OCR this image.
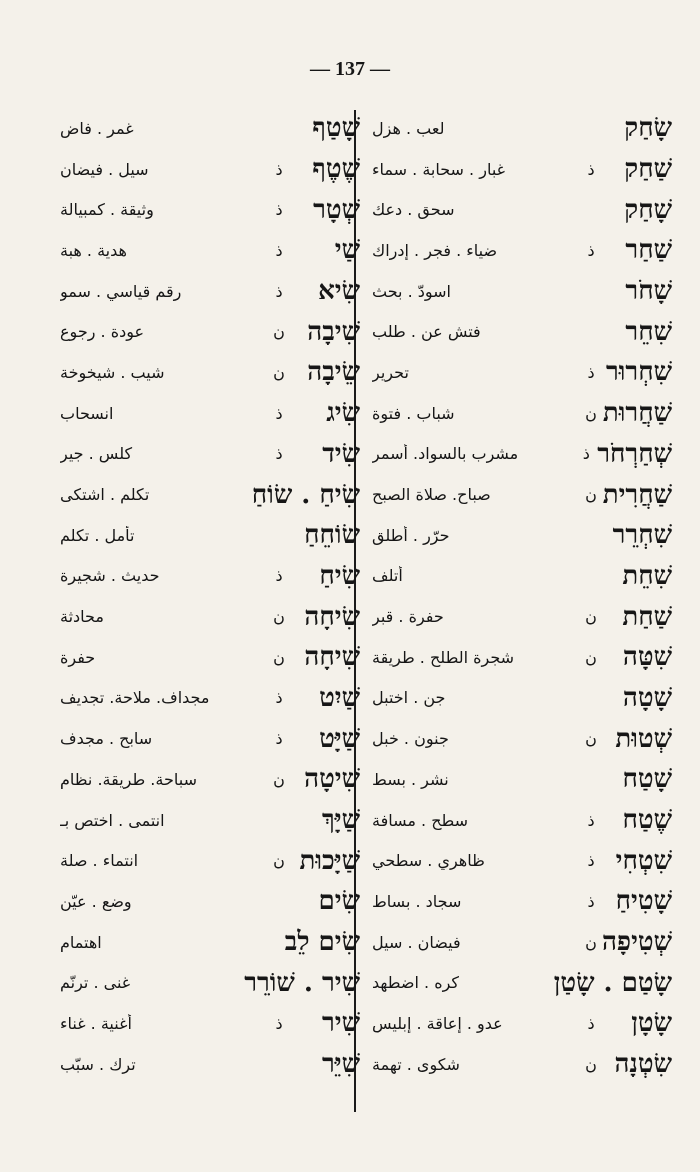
— 137 —
لعب . هزل	שָׂחַק
غبار . سحابة . سماء	ذ	שַׁחַק
سحق . دعك	שָׁחַק
ضياء . فجر . إدراك	ذ	שַׁחַר
اسودّ . بحث	שָׁחֹר
فتش عن . طلب	שִׁחֵר
تحرير	ذ שִׁחְרוּר
شباب . فتوة	ن שַׁחֲרוּת
مشرب بالسواد. أسمر	ذ שְׁחַרְחֹר
صباح. صلاة الصبح	ن שַׁחֲרִית
حرّر . أطلق	שִׁחְרֵר
أتلف	שִׁחֵת
حفرة . قبر	ن שַׁחַת
شجرة الطلح . طريقة	ن	שִׁטָּה
جن . اختبل	שָׁטָה
جنون . خبل	ن שְׁטוּת
نشر . بسط	שָׁטַח
سطح . مسافة	ذ	שֶׁטַח
ظاهري . سطحي	ذ שִׁטְחִי
سجاد . بساط	ذ שָׁטִיחַ
فيضان . سيل	ن שְׁטִיפָה
كره . اضطهد	שָׂטַם . שָׂטַן
عدو . إعاقة . إبليس	ذ	שָׂטָן
شكوى . تهمة	ن שִׂטְנָה
غمر . فاض	שָׁטַף
سيل . فيضان	ذ	שֶׁטֶף
وثيقة . كمبيالة	ذ	שְׁטָר
هدية . هبة	ذ	שַׁי
رقم قياسي . سمو	ذ	שִׂיא
عودة . رجوع	ن שִׁיבָה
شيب . شيخوخة	ن שֵׂיבָה
انسحاب	ذ	שִׂיג
كلس . جير	ذ	שִׂיד
تكلم . اشتكى	שִׂיחַ . שׂוֹחַ
تأمل . تكلم	שׂוֹחֵחַ
حديث . شجيرة	ذ	שִׂיחַ
محادثة	ن שִׂיחָה
حفرة	ن שִׁיחָה
مجداف. ملاحة. تجديف	ذ	שַׁיִט
سابح . مجدف	ذ	שַׁיָּט
سباحة. طريقة. نظام	ن שִׁיטָה
انتمى . اختص بـ	שַׁיָּךְ
انتماء . صلة	ن שַׁיָּכוּת
وضع . عيّن	שִׂים
اهتمام	שִׂים לֵב
غنى . ترنّم	שִׁיר . שׁוֹרֵר
أغنية . غناء	ذ	שִׁיר
ترك . سبّب	שִׁיֵּר
